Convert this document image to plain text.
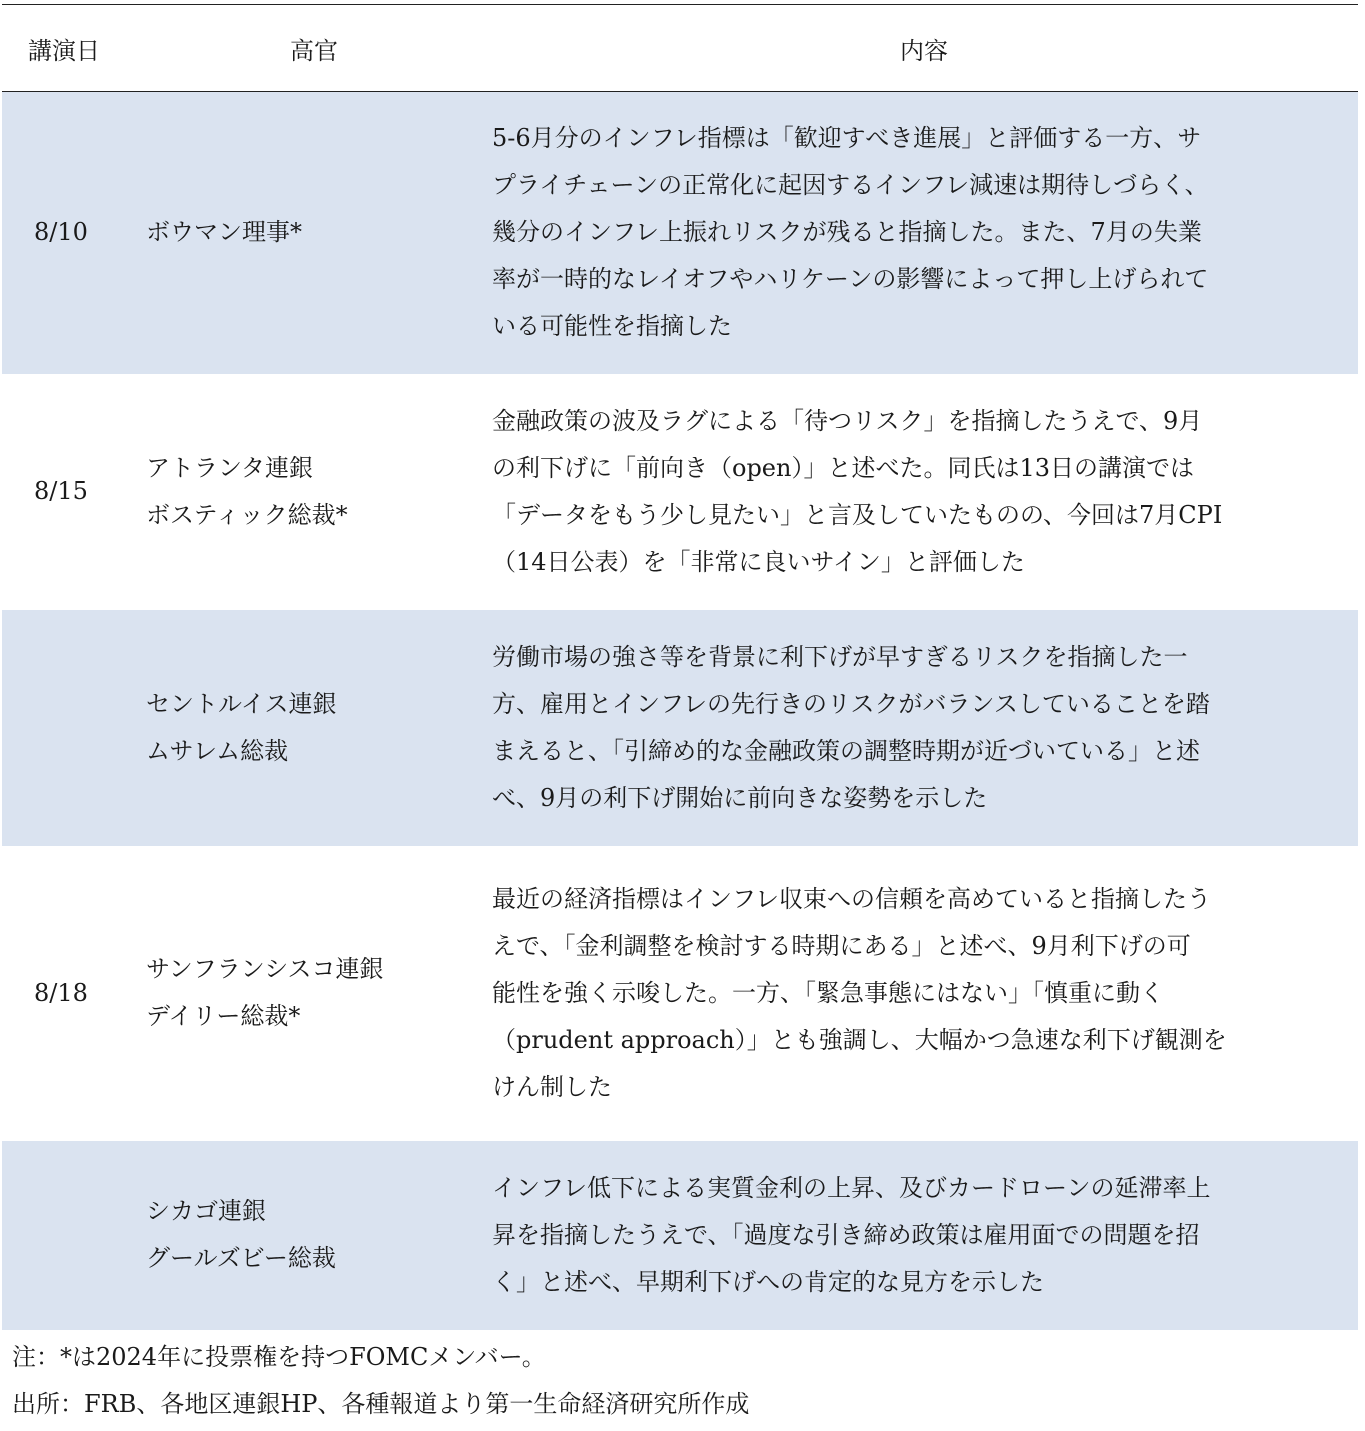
講演日	高官	内容
8/10	ボウマン理事*	5-6月分のインフレ指標は「歓迎すべき進展」と評価する一方、サ
プライチェーンの正常化に起因するインフレ減速は期待しづらく、
幾分のインフレ上振れリスクが残ると指摘した。また、7月の失業
率が一時的なレイオフやハリケーンの影響によって押し上げられて
いる可能性を指摘した

8/15	アトランタ連銀
ボスティック総裁*	金融政策の波及ラグによる「待つリスク」を指摘したうえで、9月
の利下げに「前向き（open）」と述べた。同氏は13日の講演では
「データをもう少し見たい」と言及していたものの、今回は7月CPI
（14日公表）を「非常に良いサイン」と評価した

	セントルイス連銀
ムサレム総裁	労働市場の強さ等を背景に利下げが早すぎるリスクを指摘した一
方、雇用とインフレの先行きのリスクがバランスしていることを踏
まえると、「引締め的な金融政策の調整時期が近づいている」と述
べ、9月の利下げ開始に前向きな姿勢を示した

8/18	サンフランシスコ連銀
デイリー総裁*	最近の経済指標はインフレ収束への信頼を高めていると指摘したう
えで、「金利調整を検討する時期にある」と述べ、9月利下げの可
能性を強く示唆した。一方、「緊急事態にはない」「慎重に動く
（prudent approach）」とも強調し、大幅かつ急速な利下げ観測を
けん制した

	シカゴ連銀
グールズビー総裁	インフレ低下による実質金利の上昇、及びカードローンの延滞率上
昇を指摘したうえで、「過度な引き締め政策は雇用面での問題を招
く」と述べ、早期利下げへの肯定的な見方を示した
注：*は2024年に投票権を持つFOMCメンバー。
出所：FRB、各地区連銀HP、各種報道より第一生命経済研究所作成
